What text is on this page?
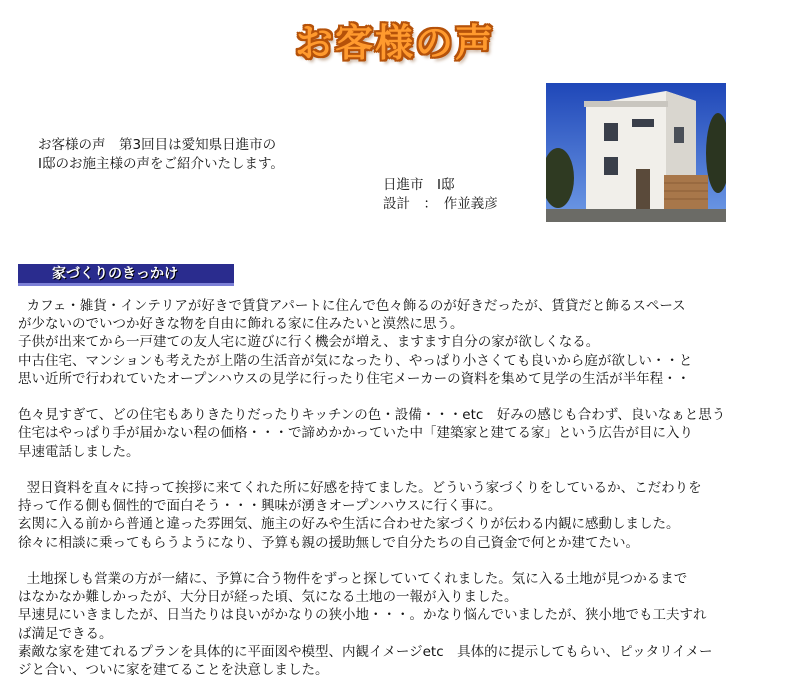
お客様の声
お客様の声　第3回目は愛知県日進市の
I邸のお施主様の声をご紹介いたします。
日進市　I邸
設計　：　作並義彦
家づくりのきっかけ

カフェ・雑貨・インテリアが好きで賃貸アパートに住んで色々飾るのが好きだったが、賃貸だと飾るスペース

が少ないのでいつか好きな物を自由に飾れる家に住みたいと漠然に思う。

子供が出来てから一戸建ての友人宅に遊びに行く機会が増え、ますます自分の家が欲しくなる。

中古住宅、マンションも考えたが上階の生活音が気になったり、やっぱり小さくても良いから庭が欲しい・・と

思い近所で行われていたオープンハウスの見学に行ったり住宅メーカーの資料を集めて見学の生活が半年程・・

色々見すぎて、どの住宅もありきたりだったりキッチンの色・設備・・・etc　好みの感じも合わず、良いなぁと思う

住宅はやっぱり手が届かない程の価格・・・で諦めかかっていた中「建築家と建てる家」という広告が目に入り

早速電話しました。

翌日資料を直々に持って挨拶に来てくれた所に好感を持てました。どういう家づくりをしているか、こだわりを

持って作る側も個性的で面白そう・・・興味が湧きオープンハウスに行く事に。

玄関に入る前から普通と違った雰囲気、施主の好みや生活に合わせた家づくりが伝わる内観に感動しました。

徐々に相談に乗ってもらうようになり、予算も親の援助無しで自分たちの自己資金で何とか建てたい。

土地探しも営業の方が一緒に、予算に合う物件をずっと探していてくれました。気に入る土地が見つかるまで

はなかなか難しかったが、大分日が経った頃、気になる土地の一報が入りました。

早速見にいきましたが、日当たりは良いがかなりの狭小地・・・。かなり悩んでいましたが、狭小地でも工夫すれ

ば満足できる。

素敵な家を建てれるプランを具体的に平面図や模型、内観イメージetc　具体的に提示してもらい、ピッタリイメー

ジと合い、ついに家を建てることを決意しました。
